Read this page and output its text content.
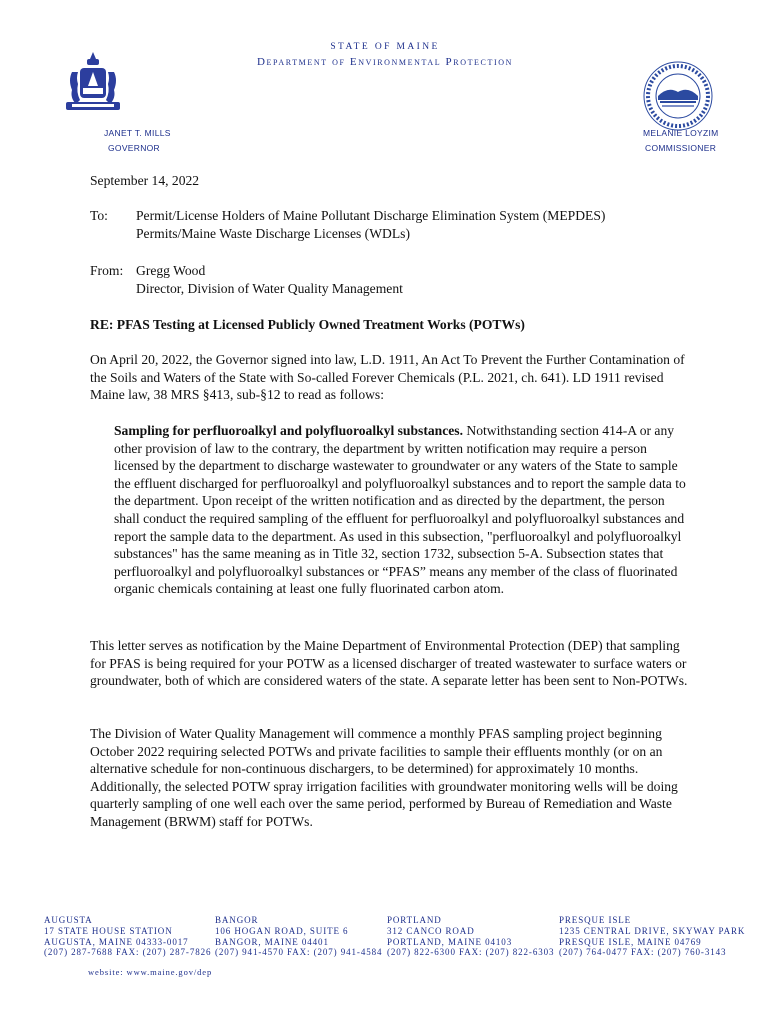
STATE OF MAINE
Department of Environmental Protection
JANET T. MILLS
GOVERNOR
MELANIE LOYZIM
COMMISSIONER
September 14, 2022
To: Permit/License Holders of Maine Pollutant Discharge Elimination System (MEPDES)
Permits/Maine Waste Discharge Licenses (WDLs)
From: Gregg Wood
Director, Division of Water Quality Management
RE: PFAS Testing at Licensed Publicly Owned Treatment Works (POTWs)
On April 20, 2022, the Governor signed into law, L.D. 1911, An Act To Prevent the Further Contamination of the Soils and Waters of the State with So-called Forever Chemicals (P.L. 2021, ch. 641). LD 1911 revised Maine law, 38 MRS §413, sub-§12 to read as follows:
Sampling for perfluoroalkyl and polyfluoroalkyl substances. Notwithstanding section 414-A or any other provision of law to the contrary, the department by written notification may require a person licensed by the department to discharge wastewater to groundwater or any waters of the State to sample the effluent discharged for perfluoroalkyl and polyfluoroalkyl substances and to report the sample data to the department. Upon receipt of the written notification and as directed by the department, the person shall conduct the required sampling of the effluent for perfluoroalkyl and polyfluoroalkyl substances and report the sample data to the department. As used in this subsection, "perfluoroalkyl and polyfluoroalkyl substances" has the same meaning as in Title 32, section 1732, subsection 5-A. Subsection states that perfluoroalkyl and polyfluoroalkyl substances or “PFAS” means any member of the class of fluorinated organic chemicals containing at least one fully fluorinated carbon atom.
This letter serves as notification by the Maine Department of Environmental Protection (DEP) that sampling for PFAS is being required for your POTW as a licensed discharger of treated wastewater to surface waters or groundwater, both of which are considered waters of the state. A separate letter has been sent to Non-POTWs.
The Division of Water Quality Management will commence a monthly PFAS sampling project beginning October 2022 requiring selected POTWs and private facilities to sample their effluents monthly (or on an alternative schedule for non-continuous dischargers, to be determined) for approximately 10 months. Additionally, the selected POTW spray irrigation facilities with groundwater monitoring wells will be doing quarterly sampling of one well each over the same period, performed by Bureau of Remediation and Waste Management (BRWM) staff for POTWs.
AUGUSTA
17 STATE HOUSE STATION
AUGUSTA, MAINE 04333-0017
(207) 287-7688 FAX: (207) 287-7826
BANGOR
106 HOGAN ROAD, SUITE 6
BANGOR, MAINE 04401
(207) 941-4570 FAX: (207) 941-4584
PORTLAND
312 CANCO ROAD
PORTLAND, MAINE 04103
(207) 822-6300 FAX: (207) 822-6303
PRESQUE ISLE
1235 CENTRAL DRIVE, SKYWAY PARK
PRESQUE ISLE, MAINE 04769
(207) 764-0477 FAX: (207) 760-3143
website: www.maine.gov/dep
